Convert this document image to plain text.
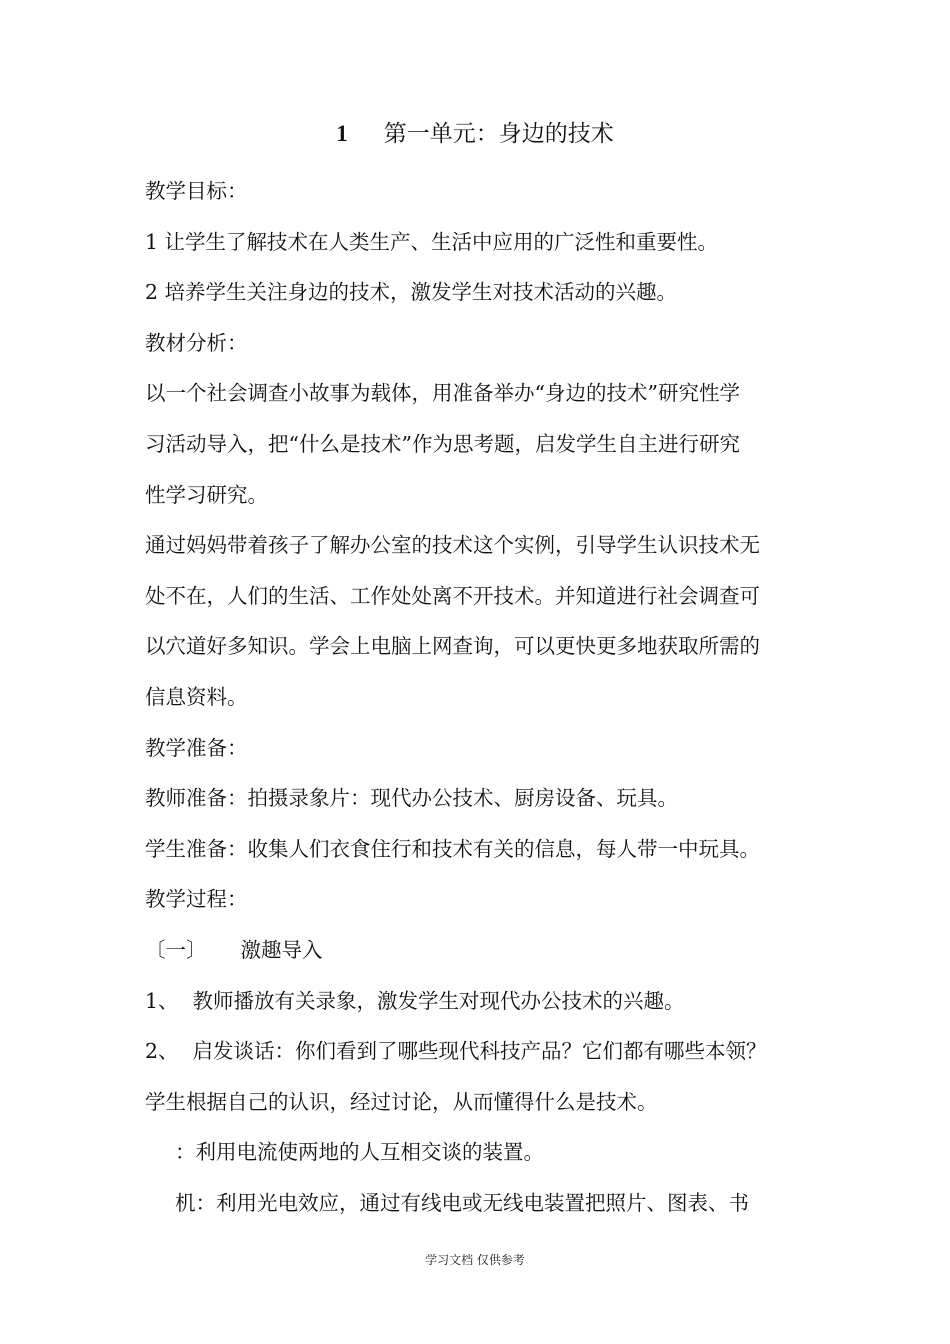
1 第一单元：身边的技术
教学目标：
1 让学生了解技术在人类生产、生活中应用的广泛性和重要性。
2 培养学生关注身边的技术，激发学生对技术活动的兴趣。
教材分析：
以一个社会调查小故事为载体，用准备举办“身边的技术”研究性学
习活动导入，把“什么是技术”作为思考题，启发学生自主进行研究
性学习研究。
通过妈妈带着孩子了解办公室的技术这个实例，引导学生认识技术无
处不在，人们的生活、工作处处离不开技术。并知道进行社会调查可
以穴道好多知识。学会上电脑上网查询，可以更快更多地获取所需的
信息资料。
教学准备：
教师准备：拍摄录象片：现代办公技术、厨房设备、玩具。
学生准备：收集人们衣食住行和技术有关的信息，每人带一中玩具。
教学过程：
〔一〕 激趣导入
1、 教师播放有关录象，激发学生对现代办公技术的兴趣。
2、 启发谈话：你们看到了哪些现代科技产品？它们都有哪些本领？
学生根据自己的认识，经过讨论，从而懂得什么是技术。
：利用电流使两地的人互相交谈的装置。
机：利用光电效应，通过有线电或无线电装置把照片、图表、书
学习文档 仅供参考
